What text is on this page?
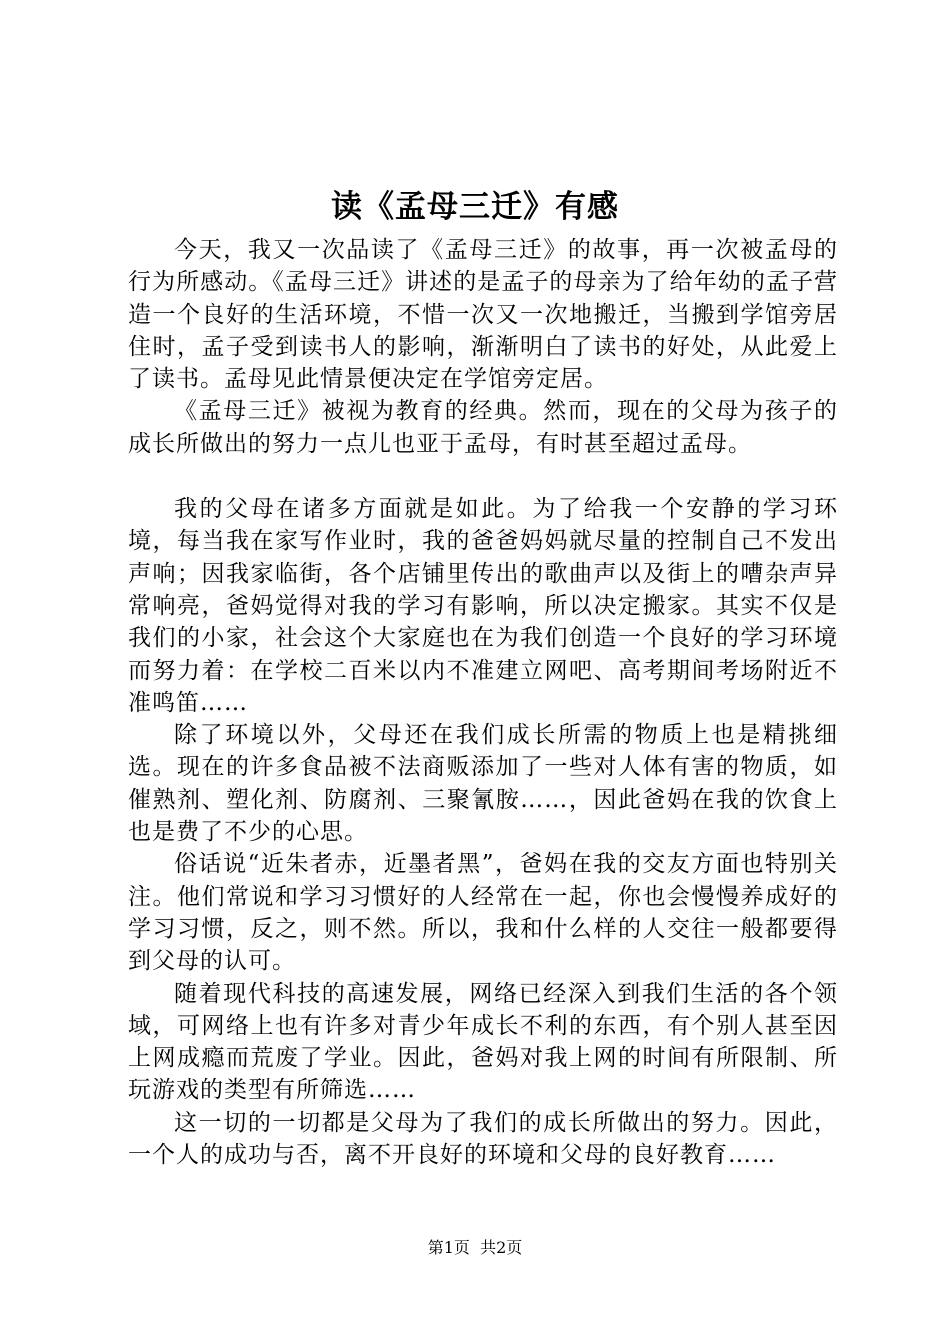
读《孟母三迁》有感

今天，我又一次品读了《孟母三迁》的故事，再一次被孟母的行为所感动。《孟母三迁》讲述的是孟子的母亲为了给年幼的孟子营造一个良好的生活环境，不惜一次又一次地搬迁，当搬到学馆旁居住时，孟子受到读书人的影响，渐渐明白了读书的好处，从此爱上了读书。孟母见此情景便决定在学馆旁定居。

《孟母三迁》被视为教育的经典。然而，现在的父母为孩子的成长所做出的努力一点儿也亚于孟母，有时甚至超过孟母。

我的父母在诸多方面就是如此。为了给我一个安静的学习环境，每当我在家写作业时，我的爸爸妈妈就尽量的控制自己不发出声响；因我家临街，各个店铺里传出的歌曲声以及街上的嘈杂声异常响亮，爸妈觉得对我的学习有影响，所以决定搬家。其实不仅是我们的小家，社会这个大家庭也在为我们创造一个良好的学习环境而努力着：在学校二百米以内不准建立网吧、高考期间考场附近不准鸣笛……

除了环境以外，父母还在我们成长所需的物质上也是精挑细选。现在的许多食品被不法商贩添加了一些对人体有害的物质，如催熟剂、塑化剂、防腐剂、三聚氰胺……，因此爸妈在我的饮食上也是费了不少的心思。

俗话说“近朱者赤，近墨者黑”，爸妈在我的交友方面也特别关注。他们常说和学习习惯好的人经常在一起，你也会慢慢养成好的学习习惯，反之，则不然。所以，我和什么样的人交往一般都要得到父母的认可。

随着现代科技的高速发展，网络已经深入到我们生活的各个领域，可网络上也有许多对青少年成长不利的东西，有个别人甚至因上网成瘾而荒废了学业。因此，爸妈对我上网的时间有所限制、所玩游戏的类型有所筛选……

这一切的一切都是父母为了我们的成长所做出的努力。因此，一个人的成功与否，离不开良好的环境和父母的良好教育……

第1页  共2页
